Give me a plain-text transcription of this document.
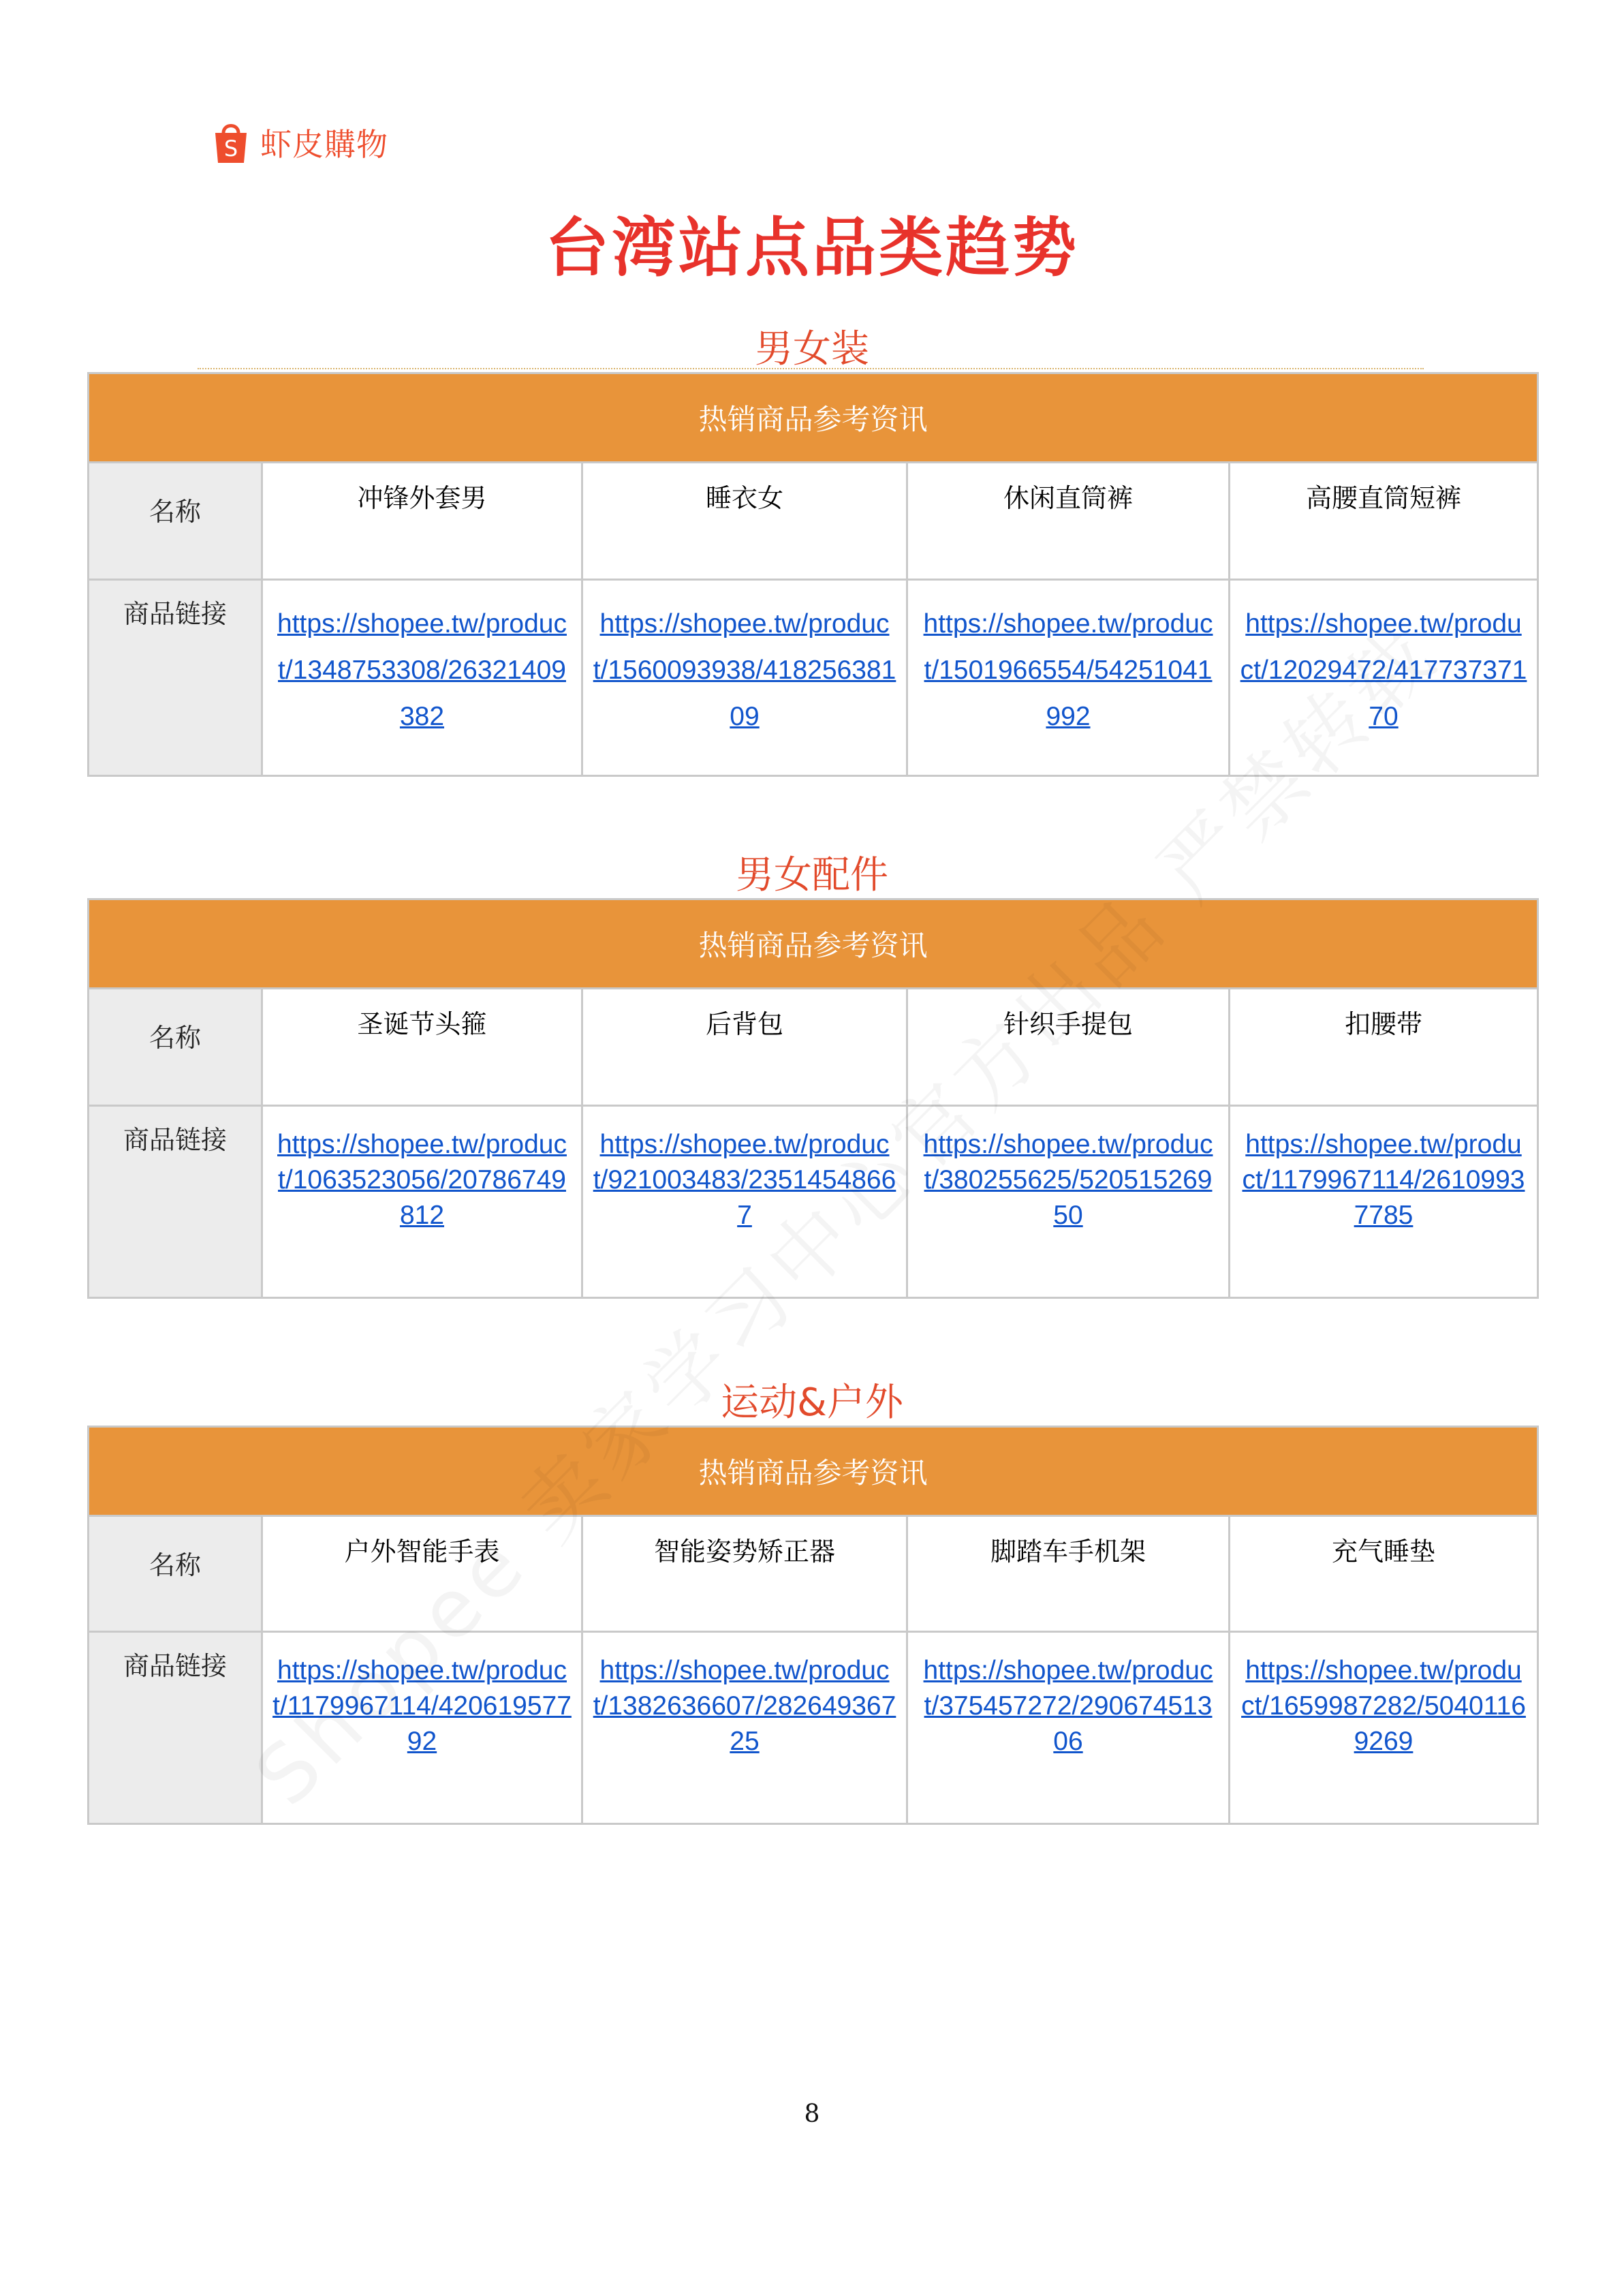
S 虾皮購物
台湾站点品类趋势
男女装
热销商品参考资讯				
名称	冲锋外套男	睡衣女	休闲直筒裤	高腰直筒短裤
商品链接	https://shopee.tw/product/1348753308/26321409382	https://shopee.tw/product/1560093938/41825638109	https://shopee.tw/product/1501966554/54251041992	https://shopee.tw/product/12029472/41773737170
男女配件
热销商品参考资讯				
名称	圣诞节头箍	后背包	针织手提包	扣腰带
商品链接	https://shopee.tw/product/1063523056/20786749812	https://shopee.tw/product/921003483/23514548667	https://shopee.tw/product/380255625/52051526950	https://shopee.tw/product/1179967114/26109937785
运动&户外
热销商品参考资讯				
名称	户外智能手表	智能姿势矫正器	脚踏车手机架	充气睡垫
商品链接	https://shopee.tw/product/1179967114/42061957792	https://shopee.tw/product/1382636607/28264936725	https://shopee.tw/product/375457272/29067451306	https://shopee.tw/product/1659987282/50401169269
8
